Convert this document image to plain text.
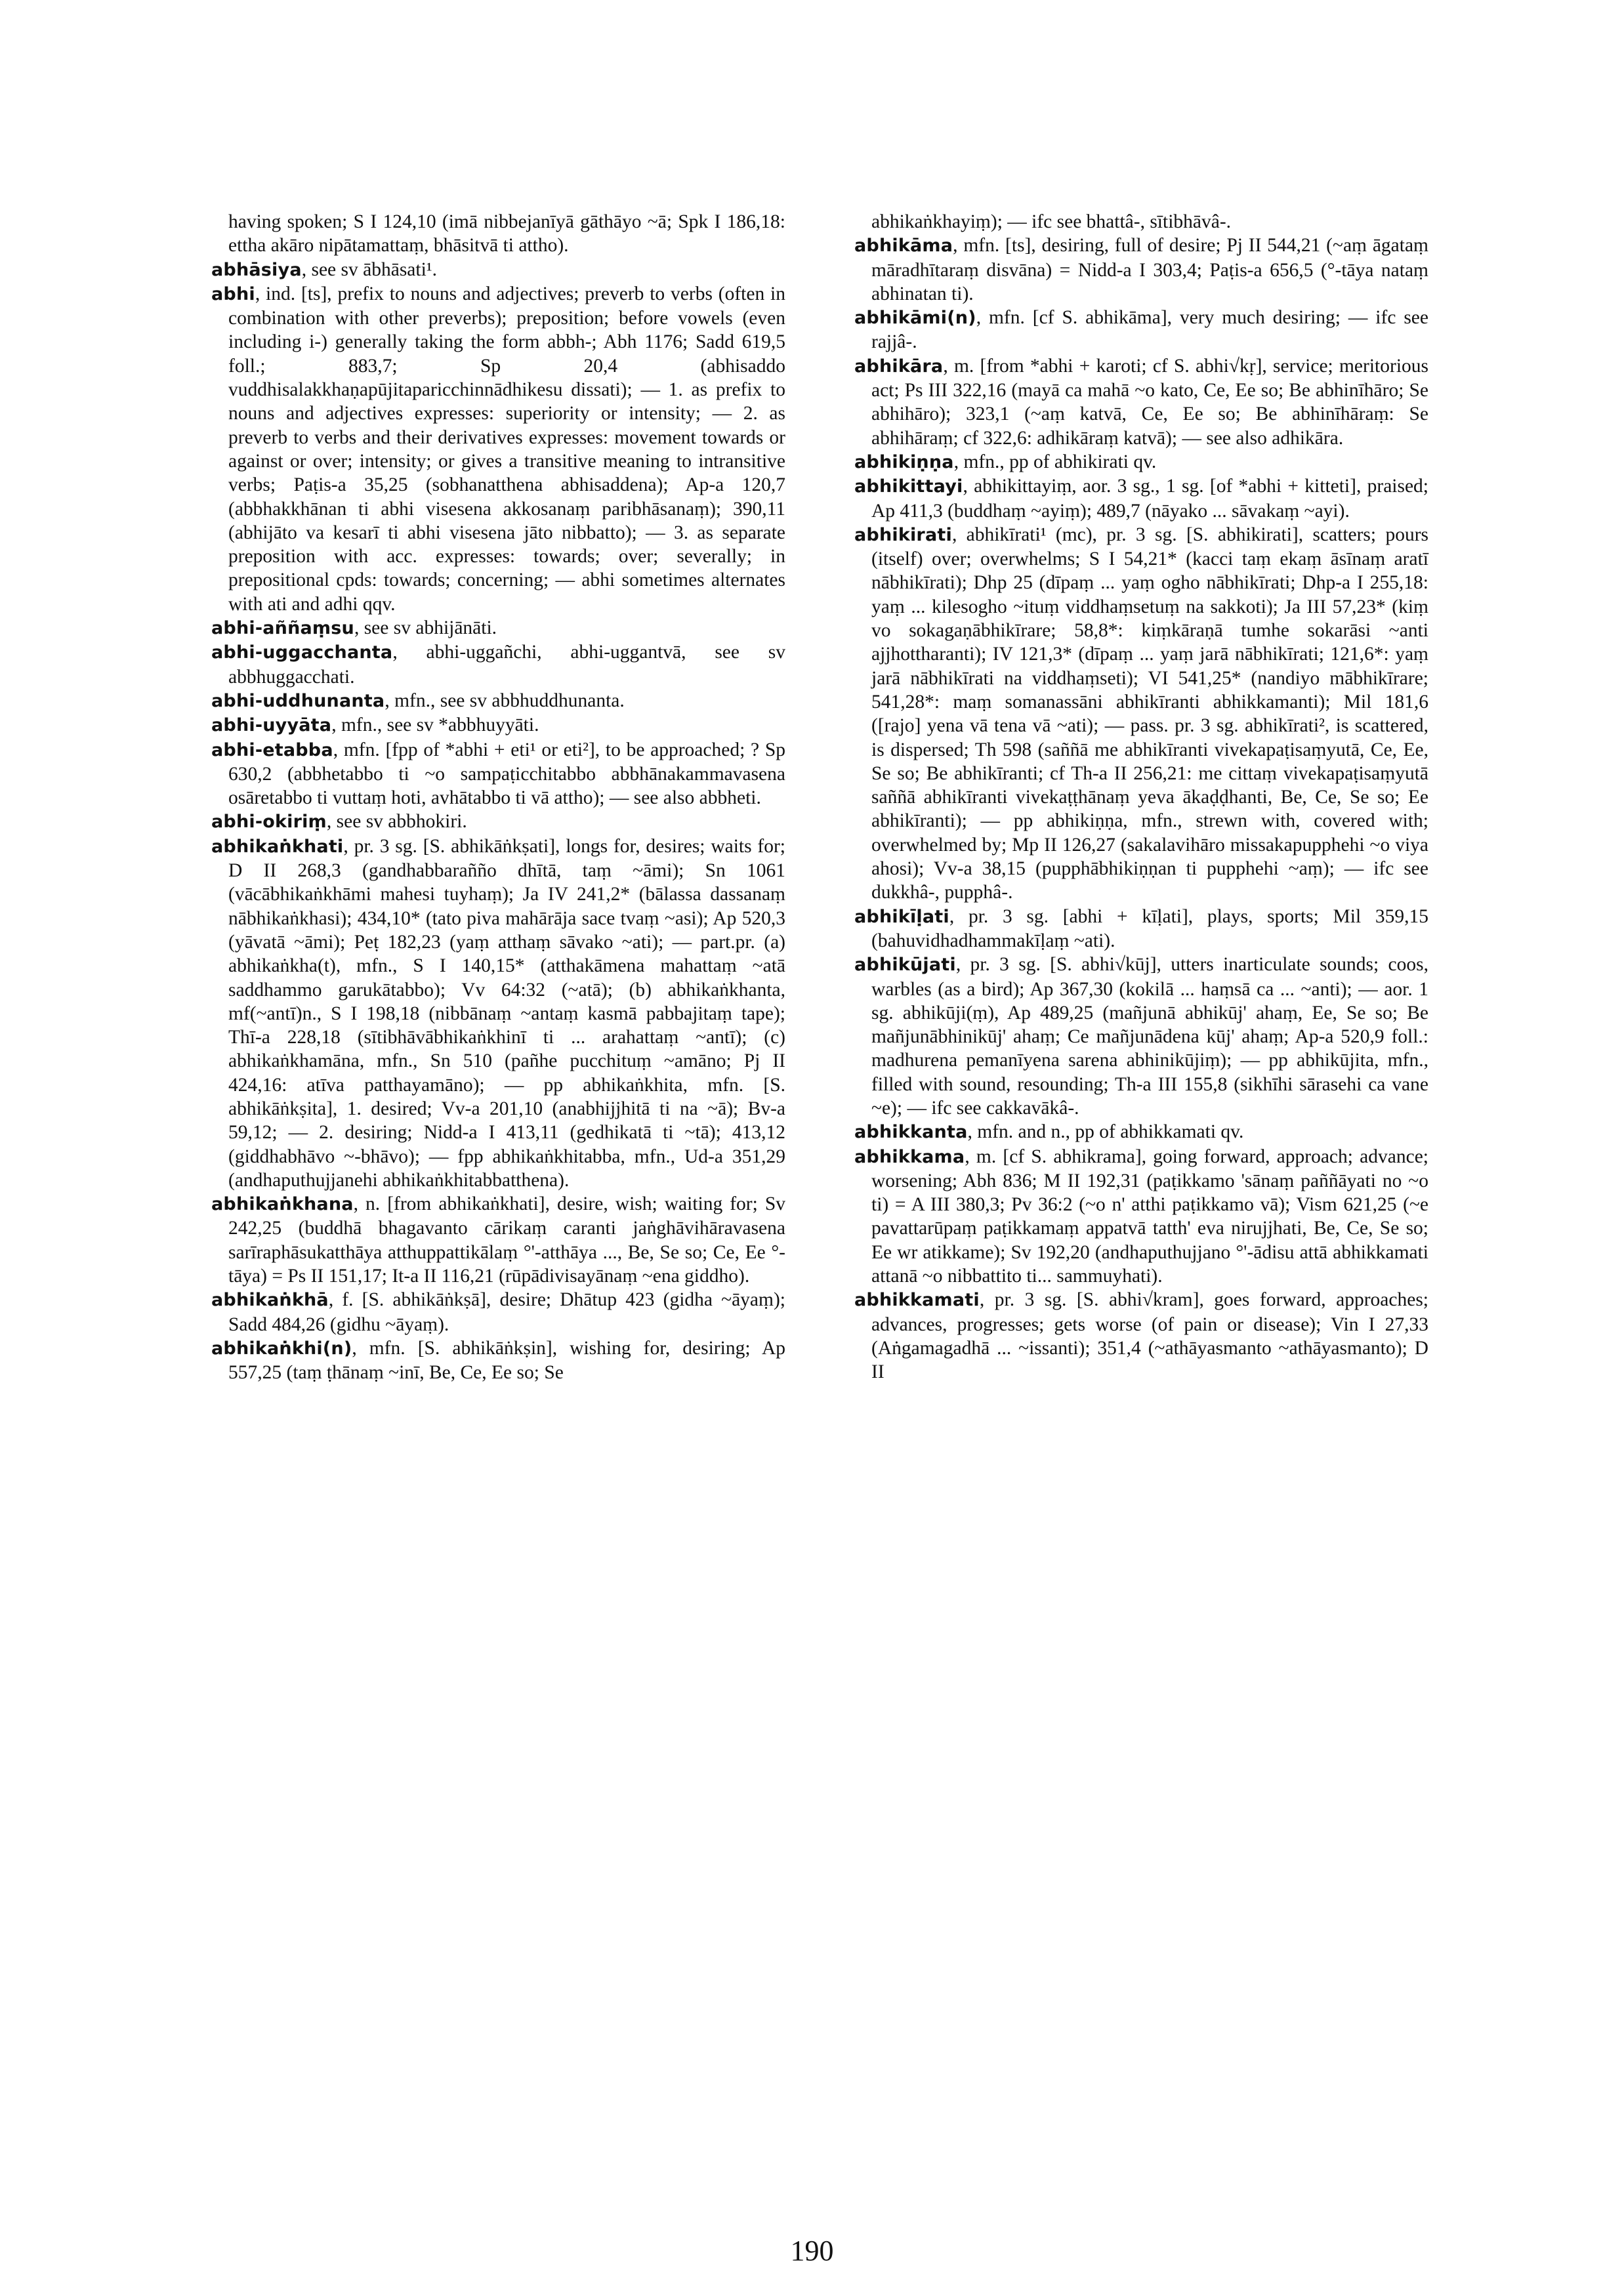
having spoken; S I 124,10 (imā nibbejanīyā gāthāyo ~ā; Spk I 186,18: ettha akāro nipātamattaṃ, bhāsitvā ti attho).

abhāsiya, see sv ābhāsati¹.

abhi, ind. [ts], prefix to nouns and adjectives; preverb to verbs (often in combination with other preverbs); preposition; before vowels (even including i-) generally taking the form abbh-; Abh 1176; Sadd 619,5 foll.; 883,7; Sp 20,4 (abhisaddo vuddhisalakkhaṇapūjitaparicchinnādhikesu dissati); — 1. as prefix to nouns and adjectives expresses: superiority or intensity; — 2. as preverb to verbs and their derivatives expresses: movement towards or against or over; intensity; or gives a transitive meaning to intransitive verbs; Paṭis-a 35,25 (sobhanatthena abhisaddena); Ap-a 120,7 (abbhakkhānan ti abhi visesena akkosanaṃ paribhāsanaṃ); 390,11 (abhijāto va kesarī ti abhi visesena jāto nibbatto); — 3. as separate preposition with acc. expresses: towards; over; severally; in prepositional cpds: towards; concerning; — abhi sometimes alternates with ati and adhi qqv.

abhi-aññaṃsu, see sv abhijānāti.

abhi-uggacchanta, abhi-uggañchi, abhi-uggantvā, see sv abbhuggacchati.

abhi-uddhunanta, mfn., see sv abbhuddhunanta.

abhi-uyyāta, mfn., see sv *abbhuyyāti.

abhi-etabba, mfn. [fpp of *abhi + eti¹ or eti²], to be approached; ? Sp 630,2 (abbhetabbo ti ~o sampaṭicchitabbo abbhānakammavasena osāretabbo ti vuttaṃ hoti, avhātabbo ti vā attho); — see also abbheti.

abhi-okiriṃ, see sv abbhokiri.

abhikaṅkhati, pr. 3 sg. [S. abhikāṅkṣati], longs for, desires; waits for; D II 268,3 (gandhabbarañño dhītā, taṃ ~āmi); Sn 1061 (vācābhikaṅkhāmi mahesi tuyhaṃ); Ja IV 241,2* (bālassa dassanaṃ nābhikaṅkhasi); 434,10* (tato piva mahārāja sace tvaṃ ~asi); Ap 520,3 (yāvatā ~āmi); Peṭ 182,23 (yaṃ atthaṃ sāvako ~ati); — part.pr. (a) abhikaṅkha(t), mfn., S I 140,15* (atthakāmena mahattaṃ ~atā saddhammo garukātabbo); Vv 64:32 (~atā); (b) abhikaṅkhanta, mf(~antī)n., S I 198,18 (nibbānaṃ ~antaṃ kasmā pabbajitaṃ tape); Thī-a 228,18 (sītibhāvābhikaṅkhinī ti ... arahattaṃ ~antī); (c) abhikaṅkhamāna, mfn., Sn 510 (pañhe pucchituṃ ~amāno; Pj II 424,16: atīva patthayamāno); — pp abhikaṅkhita, mfn. [S. abhikāṅkṣita], 1. desired; Vv-a 201,10 (anabhijjhitā ti na ~ā); Bv-a 59,12; — 2. desiring; Nidd-a I 413,11 (gedhikatā ti ~tā); 413,12 (giddhabhāvo ~-bhāvo); — fpp abhikaṅkhitabba, mfn., Ud-a 351,29 (andhaputhujjanehi abhikaṅkhitabbatthena).

abhikaṅkhana, n. [from abhikaṅkhati], desire, wish; waiting for; Sv 242,25 (buddhā bhagavanto cārikaṃ caranti jaṅghāvihāravasena sarīraphāsukatthāya atthuppattikālaṃ °'-atthāya ..., Be, Se so; Ce, Ee °-tāya) = Ps II 151,17; It-a II 116,21 (rūpādivisayānaṃ ~ena giddho).

abhikaṅkhā, f. [S. abhikāṅkṣā], desire; Dhātup 423 (gidha ~āyaṃ); Sadd 484,26 (gidhu ~āyaṃ).

abhikaṅkhi(n), mfn. [S. abhikāṅkṣin], wishing for, desiring; Ap 557,25 (taṃ ṭhānaṃ ~inī, Be, Ce, Ee so; Se

abhikaṅkhayiṃ); — ifc see bhattâ-, sītibhāvâ-.

abhikāma, mfn. [ts], desiring, full of desire; Pj II 544,21 (~aṃ āgataṃ māradhītaraṃ disvāna) = Nidd-a I 303,4; Paṭis-a 656,5 (°-tāya nataṃ abhinatan ti).

abhikāmi(n), mfn. [cf S. abhikāma], very much desiring; — ifc see rajjâ-.

abhikāra, m. [from *abhi + karoti; cf S. abhi√kṛ], service; meritorious act; Ps III 322,16 (mayā ca mahā ~o kato, Ce, Ee so; Be abhinīhāro; Se abhihāro); 323,1 (~aṃ katvā, Ce, Ee so; Be abhinīhāraṃ: Se abhihāraṃ; cf 322,6: adhikāraṃ katvā); — see also adhikāra.

abhikiṇṇa, mfn., pp of abhikirati qv.

abhikittayi, abhikittayiṃ, aor. 3 sg., 1 sg. [of *abhi + kitteti], praised; Ap 411,3 (buddhaṃ ~ayiṃ); 489,7 (nāyako ... sāvakaṃ ~ayi).

abhikirati, abhikīrati¹ (mc), pr. 3 sg. [S. abhikirati], scatters; pours (itself) over; overwhelms; S I 54,21* (kacci taṃ ekaṃ āsīnaṃ aratī nābhikīrati); Dhp 25 (dīpaṃ ... yaṃ ogho nābhikīrati; Dhp-a I 255,18: yaṃ ... kilesogho ~ituṃ viddhaṃsetuṃ na sakkoti); Ja III 57,23* (kiṃ vo sokagaṇābhikīrare; 58,8*: kiṃkāraṇā tumhe sokarāsi ~anti ajjhottharanti); IV 121,3* (dīpaṃ ... yaṃ jarā nābhikīrati; 121,6*: yaṃ jarā nābhikīrati na viddhaṃseti); VI 541,25* (nandiyo mābhikīrare; 541,28*: maṃ somanassāni abhikīranti abhikkamanti); Mil 181,6 ([rajo] yena vā tena vā ~ati); — pass. pr. 3 sg. abhikīrati², is scattered, is dispersed; Th 598 (saññā me abhikīranti vivekapaṭisaṃyutā, Ce, Ee, Se so; Be abhikīranti; cf Th-a II 256,21: me cittaṃ vivekapaṭisaṃyutā saññā abhikīranti vivekaṭṭhānaṃ yeva ākaḍḍhanti, Be, Ce, Se so; Ee abhikīranti); — pp abhikiṇṇa, mfn., strewn with, covered with; overwhelmed by; Mp II 126,27 (sakalavihāro missakapupphehi ~o viya ahosi); Vv-a 38,15 (pupphābhikiṇṇan ti pupphehi ~aṃ); — ifc see dukkhâ-, pupphâ-.

abhikīḷati, pr. 3 sg. [abhi + kīḷati], plays, sports; Mil 359,15 (bahuvidhadhammakīḷaṃ ~ati).

abhikūjati, pr. 3 sg. [S. abhi√kūj], utters inarticulate sounds; coos, warbles (as a bird); Ap 367,30 (kokilā ... haṃsā ca ... ~anti); — aor. 1 sg. abhikūji(ṃ), Ap 489,25 (mañjunā abhikūj' ahaṃ, Ee, Se so; Be mañjunābhinikūj' ahaṃ; Ce mañjunādena kūj' ahaṃ; Ap-a 520,9 foll.: madhurena pemanīyena sarena abhinikūjiṃ); — pp abhikūjita, mfn., filled with sound, resounding; Th-a III 155,8 (sikhīhi sārasehi ca vane ~e); — ifc see cakkavākâ-.

abhikkanta, mfn. and n., pp of abhikkamati qv.

abhikkama, m. [cf S. abhikrama], going forward, approach; advance; worsening; Abh 836; M II 192,31 (paṭikkamo 'sānaṃ paññāyati no ~o ti) = A III 380,3; Pv 36:2 (~o n' atthi paṭikkamo vā); Vism 621,25 (~e pavattarūpaṃ paṭikkamaṃ appatvā tatth' eva nirujjhati, Be, Ce, Se so; Ee wr atikkame); Sv 192,20 (andhaputhujjano °'-ādisu attā abhikkamati attanā ~o nibbattito ti... sammuyhati).

abhikkamati, pr. 3 sg. [S. abhi√kram], goes forward, approaches; advances, progresses; gets worse (of pain or disease); Vin I 27,33 (Aṅgamagadhā ... ~issanti); 351,4 (~athāyasmanto ~athāyasmanto); D II

190
